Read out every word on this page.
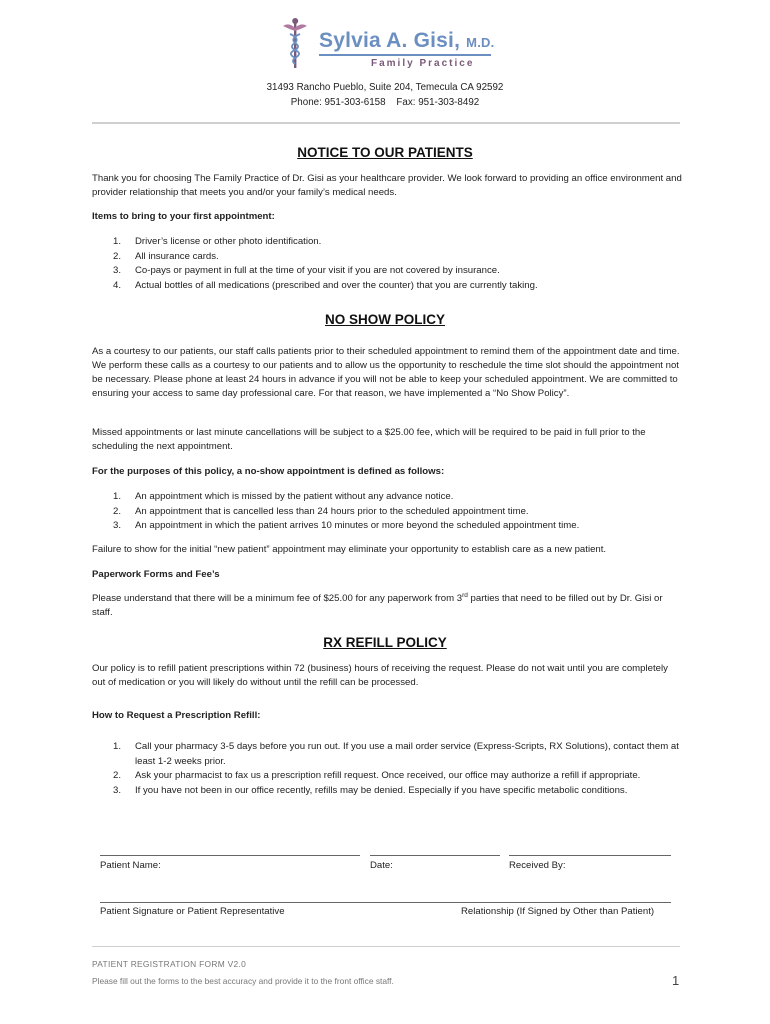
Sylvia A. Gisi, M.D.
Family Practice
31493 Rancho Pueblo, Suite 204, Temecula CA 92592
Phone: 951-303-6158    Fax: 951-303-8492
NOTICE TO OUR PATIENTS
Thank you for choosing The Family Practice of Dr. Gisi as your healthcare provider. We look forward to providing an office environment and provider relationship that meets you and/or your family’s medical needs.
Items to bring to your first appointment:
1. Driver’s license or other photo identification.
2. All insurance cards.
3. Co-pays or payment in full at the time of your visit if you are not covered by insurance.
4. Actual bottles of all medications (prescribed and over the counter) that you are currently taking.
NO SHOW POLICY
As a courtesy to our patients, our staff calls patients prior to their scheduled appointment to remind them of the appointment date and time. We perform these calls as a courtesy to our patients and to allow us the opportunity to reschedule the time slot should the appointment not be necessary. Please phone at least 24 hours in advance if you will not be able to keep your scheduled appointment. We are committed to ensuring your access to same day professional care. For that reason, we have implemented a “No Show Policy”.
Missed appointments or last minute cancellations will be subject to a $25.00 fee, which will be required to be paid in full prior to the scheduling the next appointment.
For the purposes of this policy, a no-show appointment is defined as follows:
1. An appointment which is missed by the patient without any advance notice.
2. An appointment that is cancelled less than 24 hours prior to the scheduled appointment time.
3. An appointment in which the patient arrives 10 minutes or more beyond the scheduled appointment time.
Failure to show for the initial “new patient” appointment may eliminate your opportunity to establish care as a new patient.
Paperwork Forms and Fee’s
Please understand that there will be a minimum fee of $25.00 for any paperwork from 3rd parties that need to be filled out by Dr. Gisi or staff.
RX REFILL POLICY
Our policy is to refill patient prescriptions within 72 (business) hours of receiving the request. Please do not wait until you are completely out of medication or you will likely do without until the refill can be processed.
How to Request a Prescription Refill:
1. Call your pharmacy 3-5 days before you run out. If you use a mail order service (Express-Scripts, RX Solutions), contact them at least 1-2 weeks prior.
2. Ask your pharmacist to fax us a prescription refill request. Once received, our office may authorize a refill if appropriate.
3. If you have not been in our office recently, refills may be denied. Especially if you have specific metabolic conditions.
Patient Name:	Date:	Received By:
Patient Signature or Patient Representative	Relationship (If Signed by Other than Patient)
PATIENT REGISTRATION FORM V2.0
Please fill out the forms to the best accuracy and provide it to the front office staff.	1
